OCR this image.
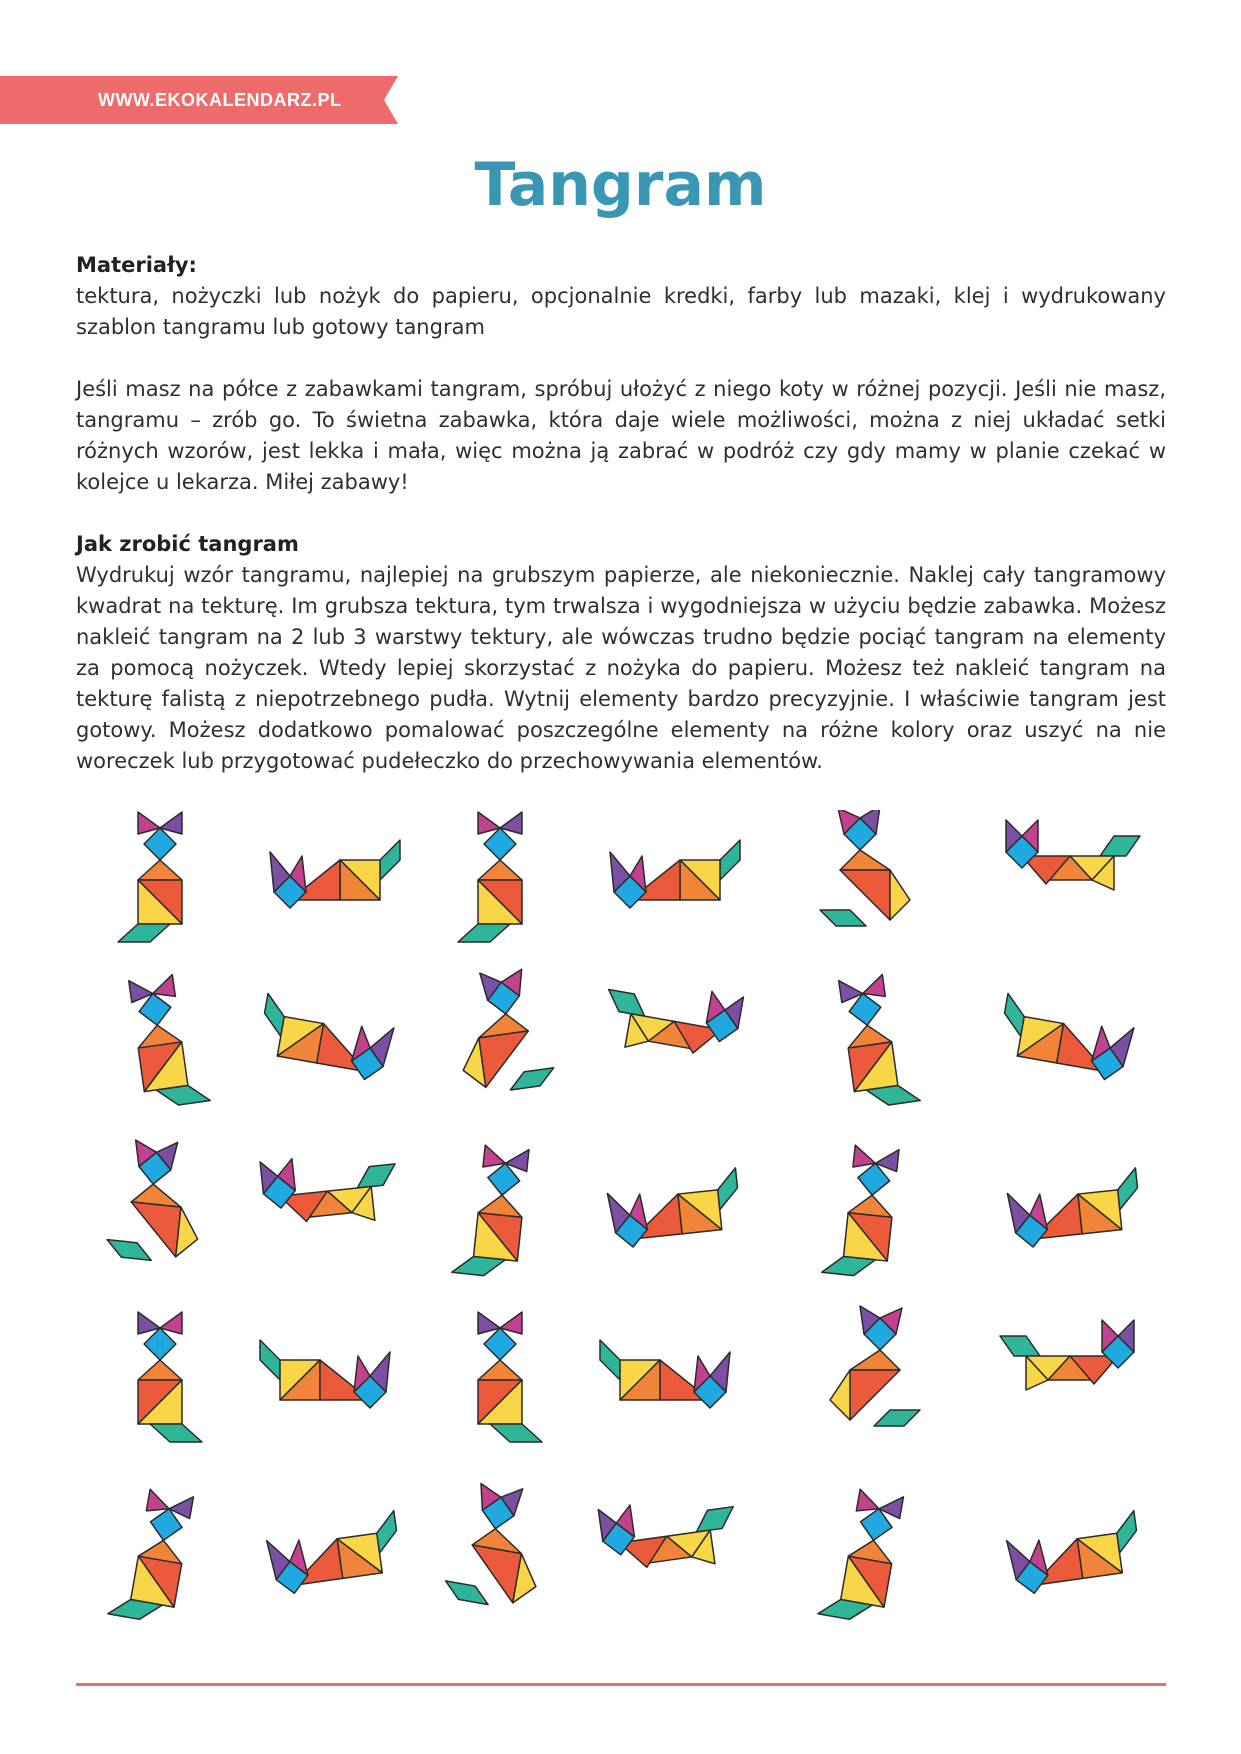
WWW.EKOKALENDARZ.PL
Tangram
Materiały:

tektura, nożyczki lub nożyk do papieru, opcjonalnie kredki, farby lub mazaki, klej i wydrukowany szablon tangramu lub gotowy tangram

Jeśli masz na półce z zabawkami tangram, spróbuj ułożyć z niego koty w różnej pozycji. Jeśli nie masz, tangramu – zrób go. To świetna zabawka, która daje wiele możliwości, można z niej układać setki różnych wzorów, jest lekka i mała, więc można ją zabrać w podróż czy gdy mamy w planie czekać w kolejce u lekarza. Miłej zabawy!

Jak zrobić tangram

Wydrukuj wzór tangramu, najlepiej na grubszym papierze, ale niekoniecznie. Naklej cały tangramowy kwadrat na tekturę. Im grubsza tektura, tym trwalsza i wygodniejsza w użyciu będzie zabawka. Możesz nakleić tangram na 2 lub 3 warstwy tektury, ale wówczas trudno będzie pociąć tangram na elementy za pomocą nożyczek. Wtedy lepiej skorzystać z nożyka do papieru. Możesz też nakleić tangram na tekturę falistą z niepotrzebnego pudła. Wytnij elementy bardzo precyzyjnie. I właściwie tangram jest gotowy. Możesz dodatkowo pomalować poszczególne elementy na różne kolory oraz uszyć na nie woreczek lub przygotować pudełeczko do przechowywania elementów.
